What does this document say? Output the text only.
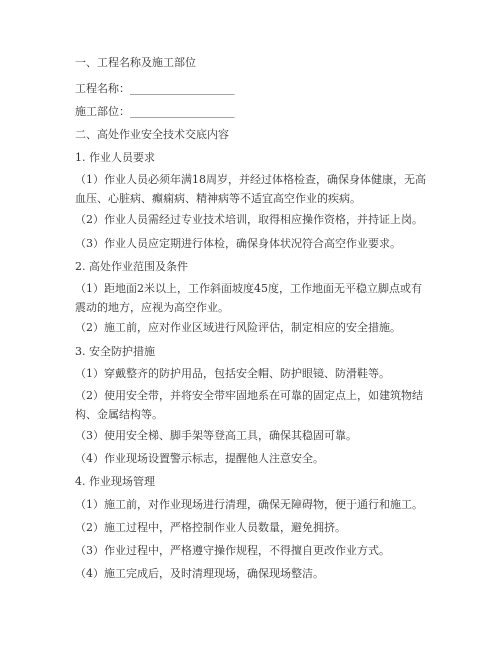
一、工程名称及施工部位
工程名称：___________________
施工部位：___________________
二、高处作业安全技术交底内容
1. 作业人员要求
（1）作业人员必须年满18周岁，并经过体格检查，确保身体健康，无高血压、心脏病、癫痫病、精神病等不适宜高空作业的疾病。
（2）作业人员需经过专业技术培训，取得相应操作资格，并持证上岗。
（3）作业人员应定期进行体检，确保身体状况符合高空作业要求。
2. 高处作业范围及条件
（1）距地面2米以上，工作斜面坡度45度，工作地面无平稳立脚点或有震动的地方，应视为高空作业。
（2）施工前，应对作业区域进行风险评估，制定相应的安全措施。
3. 安全防护措施
（1）穿戴整齐的防护用品，包括安全帽、防护眼镜、防滑鞋等。
（2）使用安全带，并将安全带牢固地系在可靠的固定点上，如建筑物结构、金属结构等。
（3）使用安全梯、脚手架等登高工具，确保其稳固可靠。
（4）作业现场设置警示标志，提醒他人注意安全。
4. 作业现场管理
（1）施工前，对作业现场进行清理，确保无障碍物，便于通行和施工。
（2）施工过程中，严格控制作业人员数量，避免拥挤。
（3）作业过程中，严格遵守操作规程，不得擅自更改作业方式。
（4）施工完成后，及时清理现场，确保现场整洁。
